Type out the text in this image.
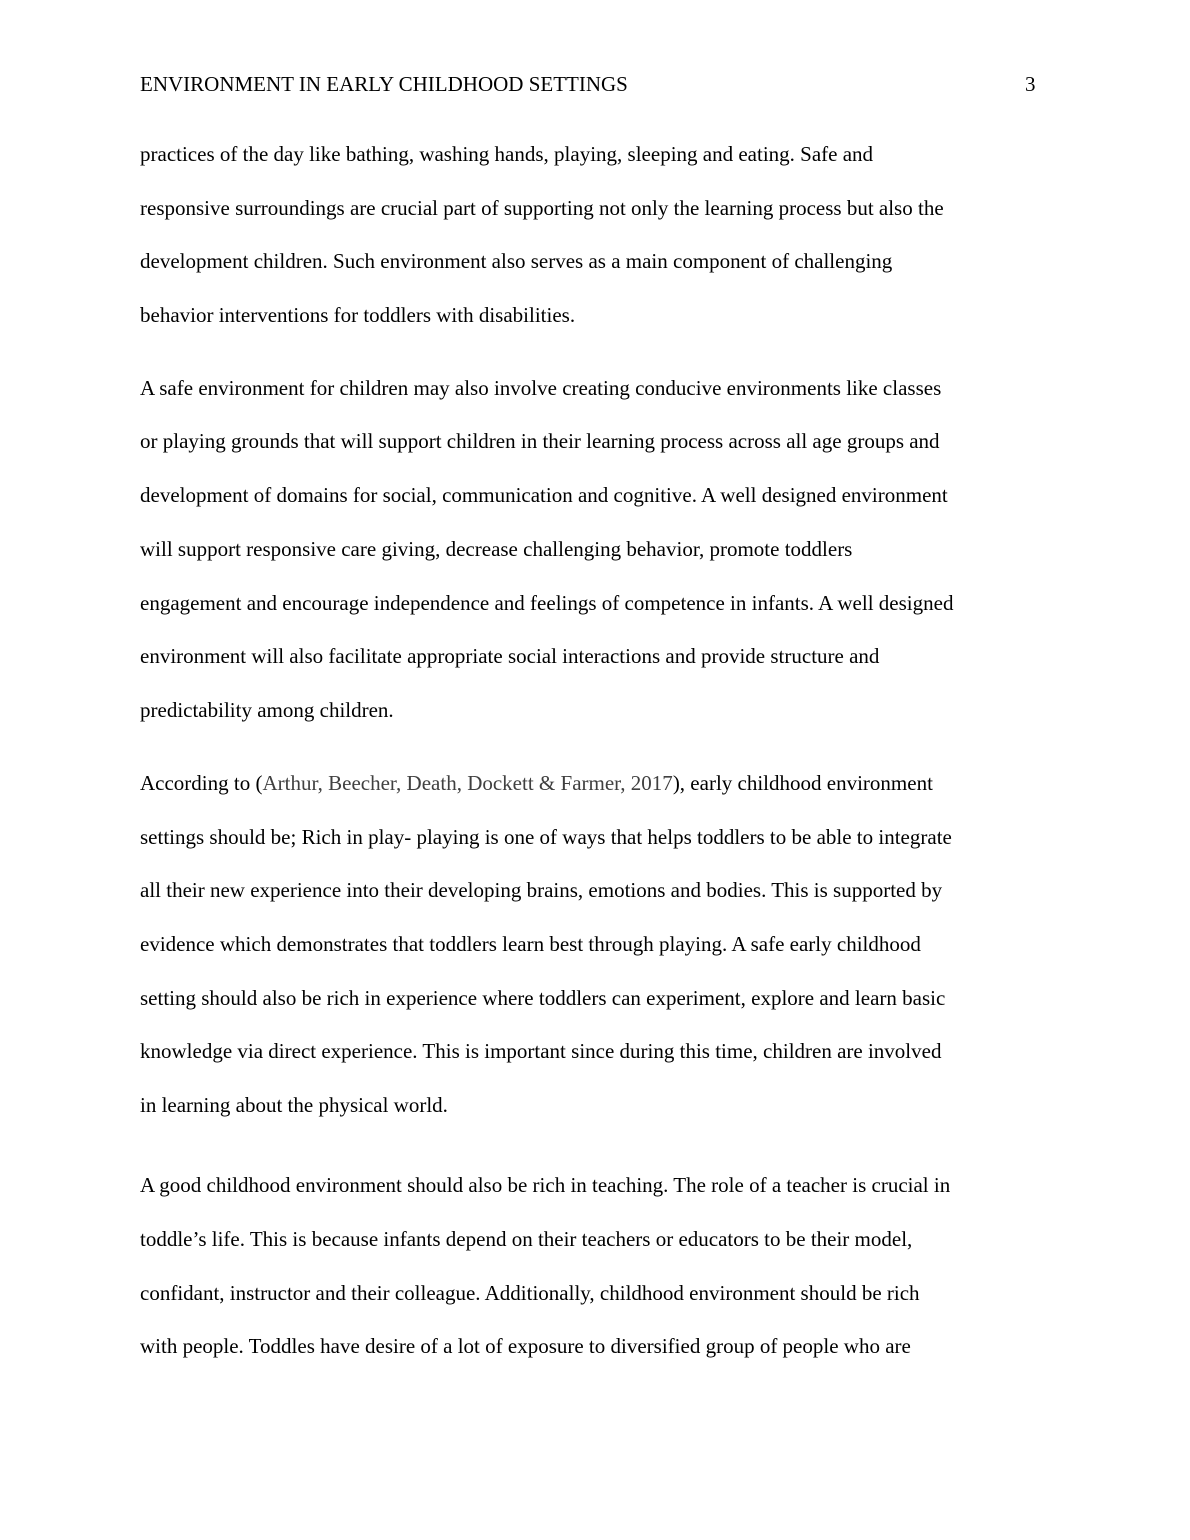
ENVIRONMENT IN EARLY CHILDHOOD SETTINGS	3
practices of the day like bathing, washing hands, playing, sleeping and eating. Safe and
responsive surroundings are crucial part of supporting not only the learning process but also the
development children. Such environment also serves as a main component of challenging
behavior interventions for toddlers with disabilities.
A safe environment for children may also involve creating conducive environments like classes
or playing grounds that will support children in their learning process across all age groups and
development of domains for social, communication and cognitive. A well designed environment
will support responsive care giving, decrease challenging behavior, promote toddlers
engagement and encourage independence and feelings of competence in infants. A well designed
environment will also facilitate appropriate social interactions and provide structure and
predictability among children.
According to (Arthur, Beecher, Death, Dockett & Farmer, 2017), early childhood environment
settings should be; Rich in play- playing is one of ways that helps toddlers to be able to integrate
all their new experience into their developing brains, emotions and bodies. This is supported by
evidence which demonstrates that toddlers learn best through playing. A safe early childhood
setting should also be rich in experience where toddlers can experiment, explore and learn basic
knowledge via direct experience. This is important since during this time, children are involved
in learning about the physical world.
A good childhood environment should also be rich in teaching. The role of a teacher is crucial in
toddle’s life. This is because infants depend on their teachers or educators to be their model,
confidant, instructor and their colleague. Additionally, childhood environment should be rich
with people. Toddles have desire of a lot of exposure to diversified group of people who are
